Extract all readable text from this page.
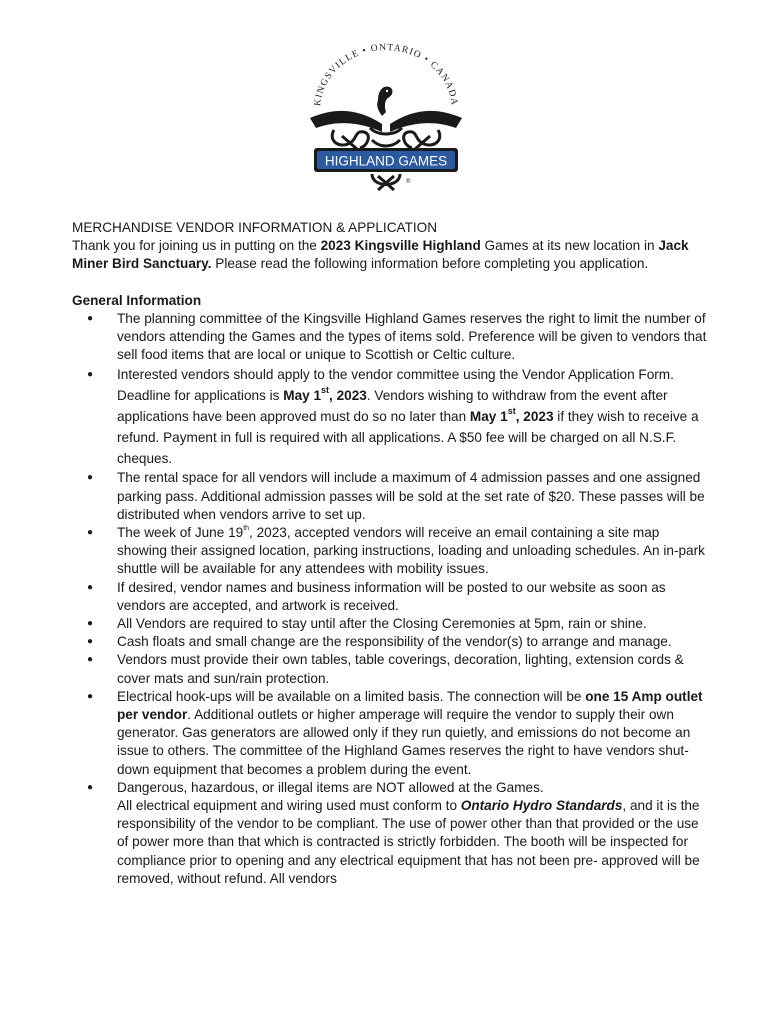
KINGSVILLE • ONTARIO • CANADA
HIGHLAND GAMES
®

MERCHANDISE VENDOR INFORMATION & APPLICATION

Thank you for joining us in putting on the 2023 Kingsville Highland Games at its new location in Jack Miner Bird Sanctuary. Please read the following information before completing you application.

General Information

● The planning committee of the Kingsville Highland Games reserves the right to limit the number of vendors attending the Games and the types of items sold. Preference will be given to vendors that sell food items that are local or unique to Scottish or Celtic culture.
● Interested vendors should apply to the vendor committee using the Vendor Application Form. Deadline for applications is May 1st, 2023. Vendors wishing to withdraw from the event after applications have been approved must do so no later than May 1st, 2023 if they wish to receive a refund. Payment in full is required with all applications. A $50 fee will be charged on all N.S.F. cheques.
● The rental space for all vendors will include a maximum of 4 admission passes and one assigned parking pass. Additional admission passes will be sold at the set rate of $20. These passes will be distributed when vendors arrive to set up.
● The week of June 19th, 2023, accepted vendors will receive an email containing a site map showing their assigned location, parking instructions, loading and unloading schedules. An in-park shuttle will be available for any attendees with mobility issues.
● If desired, vendor names and business information will be posted to our website as soon as vendors are accepted, and artwork is received.
● All Vendors are required to stay until after the Closing Ceremonies at 5pm, rain or shine.
● Cash floats and small change are the responsibility of the vendor(s) to arrange and manage.
● Vendors must provide their own tables, table coverings, decoration, lighting, extension cords & cover mats and sun/rain protection.
● Electrical hook-ups will be available on a limited basis. The connection will be one 15 Amp outlet per vendor. Additional outlets or higher amperage will require the vendor to supply their own generator. Gas generators are allowed only if they run quietly, and emissions do not become an issue to others. The committee of the Highland Games reserves the right to have vendors shut-down equipment that becomes a problem during the event.
● Dangerous, hazardous, or illegal items are NOT allowed at the Games.
All electrical equipment and wiring used must conform to Ontario Hydro Standards, and it is the responsibility of the vendor to be compliant. The use of power other than that provided or the use of power more than that which is contracted is strictly forbidden. The booth will be inspected for compliance prior to opening and any electrical equipment that has not been pre- approved will be removed, without refund. All vendors
